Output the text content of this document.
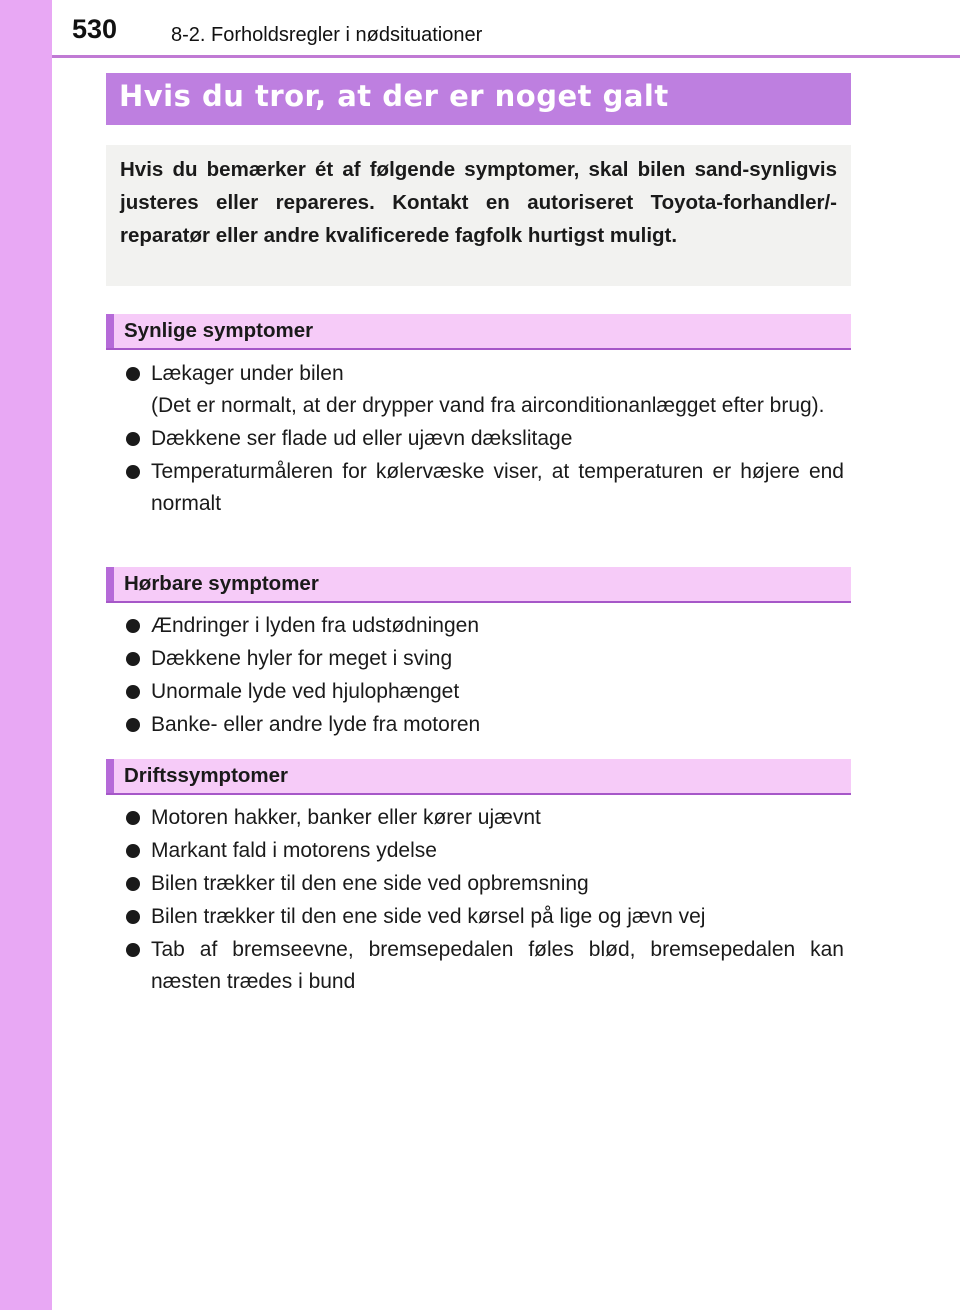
530	8-2. Forholdsregler i nødsituationer
Hvis du tror, at der er noget galt
Hvis du bemærker ét af følgende symptomer, skal bilen sand-synligvis justeres eller repareres. Kontakt en autoriseret Toyota-forhandler/-reparatør eller andre kvalificerede fagfolk hurtigst muligt.
Synlige symptomer
Lækager under bilen
(Det er normalt, at der drypper vand fra airconditionanlægget efter brug).
Dækkene ser flade ud eller ujævn dækslitage
Temperaturmåleren for kølervæske viser, at temperaturen er højere end normalt
Hørbare symptomer
Ændringer i lyden fra udstødningen
Dækkene hyler for meget i sving
Unormale lyde ved hjulophænget
Banke- eller andre lyde fra motoren
Driftssymptomer
Motoren hakker, banker eller kører ujævnt
Markant fald i motorens ydelse
Bilen trækker til den ene side ved opbremsning
Bilen trækker til den ene side ved kørsel på lige og jævn vej
Tab af bremseevne, bremsepedalen føles blød, bremsepedalen kan næsten trædes i bund
